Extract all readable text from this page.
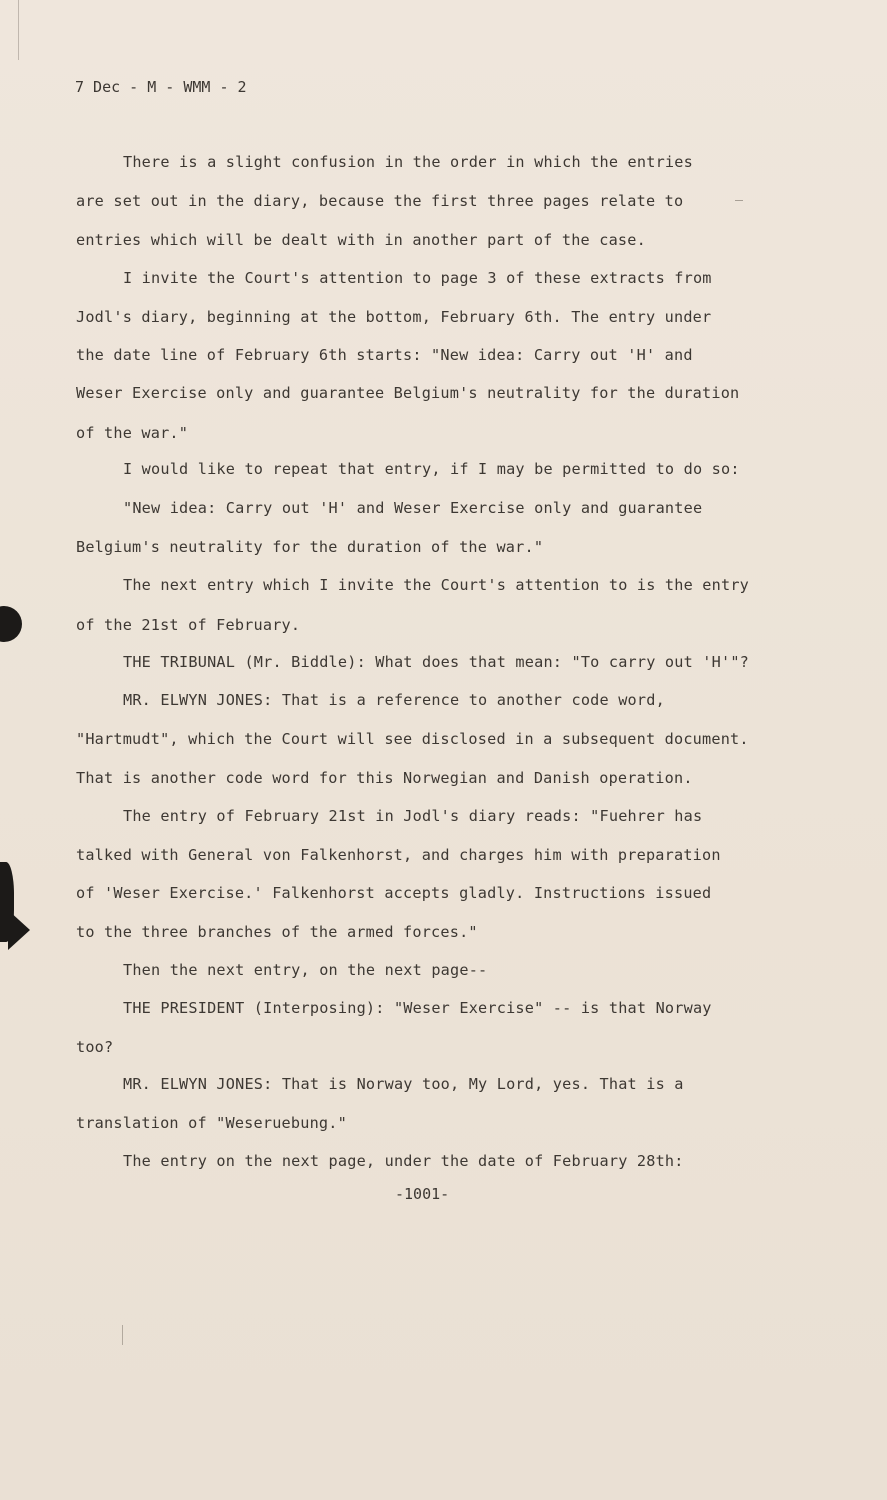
7 Dec - M - WMM - 2
There is a slight confusion in the order in which the entries
are set out in the diary, because the first three pages relate to
entries which will be dealt with in another part of the case.
I invite the Court's attention to page 3 of these extracts from
Jodl's diary, beginning at the bottom, February 6th. The entry under
the date line of February 6th starts: "New idea: Carry out 'H' and
Weser Exercise only and guarantee Belgium's neutrality for the duration
of the war."
I would like to repeat that entry, if I may be permitted to do so:
"New idea: Carry out 'H' and Weser Exercise only and guarantee
Belgium's neutrality for the duration of the war."
The next entry which I invite the Court's attention to is the entry
of the 21st of February.
THE TRIBUNAL (Mr. Biddle): What does that mean: "To carry out 'H'"?
MR. ELWYN JONES: That is a reference to another code word,
"Hartmudt", which the Court will see disclosed in a subsequent document.
That is another code word for this Norwegian and Danish operation.
The entry of February 21st in Jodl's diary reads: "Fuehrer has
talked with General von Falkenhorst, and charges him with preparation
of 'Weser Exercise.' Falkenhorst accepts gladly. Instructions issued
to the three branches of the armed forces."
Then the next entry, on the next page--
THE PRESIDENT (Interposing): "Weser Exercise" -- is that Norway
too?
MR. ELWYN JONES: That is Norway too, My Lord, yes. That is a
translation of "Weseruebung."
The entry on the next page, under the date of February 28th:
-1001-
